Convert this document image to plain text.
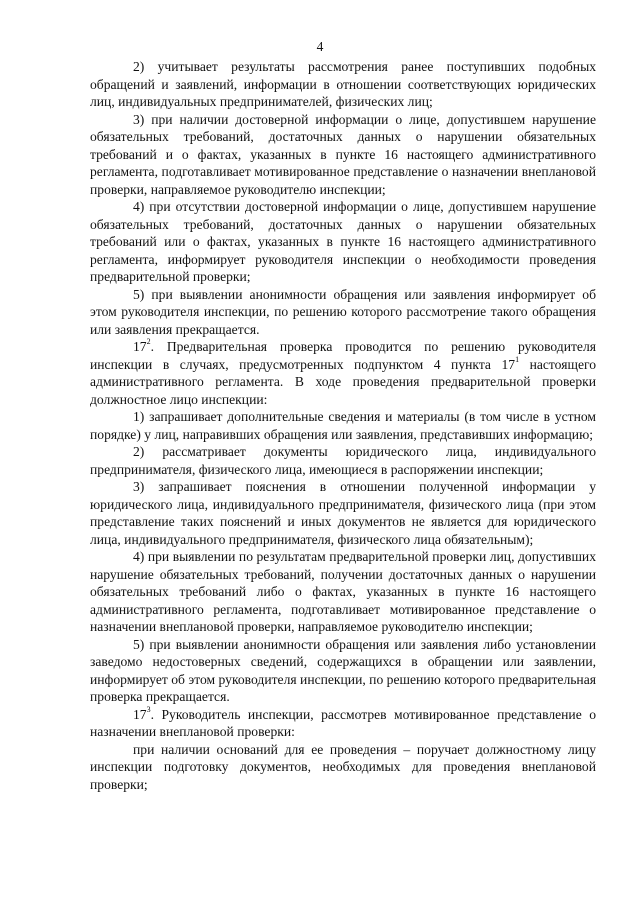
4

2) учитывает результаты рассмотрения ранее поступивших подобных обращений и заявлений, информации в отношении соответствующих юридических лиц, индивидуальных предпринимателей, физических лиц;

3) при наличии достоверной информации о лице, допустившем нарушение обязательных требований, достаточных данных о нарушении обязательных требований и о фактах, указанных в пункте 16 настоящего административного регламента, подготавливает мотивированное представление о назначении внеплановой проверки, направляемое руководителю инспекции;

4) при отсутствии достоверной информации о лице, допустившем нарушение обязательных требований, достаточных данных о нарушении обязательных требований или о фактах, указанных в пункте 16 настоящего административного регламента, информирует руководителя инспекции о необходимости проведения предварительной проверки;

5) при выявлении анонимности обращения или заявления информирует об этом руководителя инспекции, по решению которого рассмотрение такого обращения или заявления прекращается.

$17^2$. Предварительная проверка проводится по решению руководителя инспекции в случаях, предусмотренных подпунктом 4 пункта $17^1$ настоящего административного регламента. В ходе проведения предварительной проверки должностное лицо инспекции:

1) запрашивает дополнительные сведения и материалы (в том числе в устном порядке) у лиц, направивших обращения или заявления, представивших информацию;

2) рассматривает документы юридического лица, индивидуального предпринимателя, физического лица, имеющиеся в распоряжении инспекции;

3) запрашивает пояснения в отношении полученной информации у юридического лица, индивидуального предпринимателя, физического лица (при этом представление таких пояснений и иных документов не является для юридического лица, индивидуального предпринимателя, физического лица обязательным);

4) при выявлении по результатам предварительной проверки лиц, допустивших нарушение обязательных требований, получении достаточных данных о нарушении обязательных требований либо о фактах, указанных в пункте 16 настоящего административного регламента, подготавливает мотивированное представление о назначении внеплановой проверки, направляемое руководителю инспекции;

5) при выявлении анонимности обращения или заявления либо установлении заведомо недостоверных сведений, содержащихся в обращении или заявлении, информирует об этом руководителя инспекции, по решению которого предварительная проверка прекращается.

$17^3$. Руководитель инспекции, рассмотрев мотивированное представление о назначении внеплановой проверки:

при наличии оснований для ее проведения – поручает должностному лицу инспекции подготовку документов, необходимых для проведения внеплановой проверки;
